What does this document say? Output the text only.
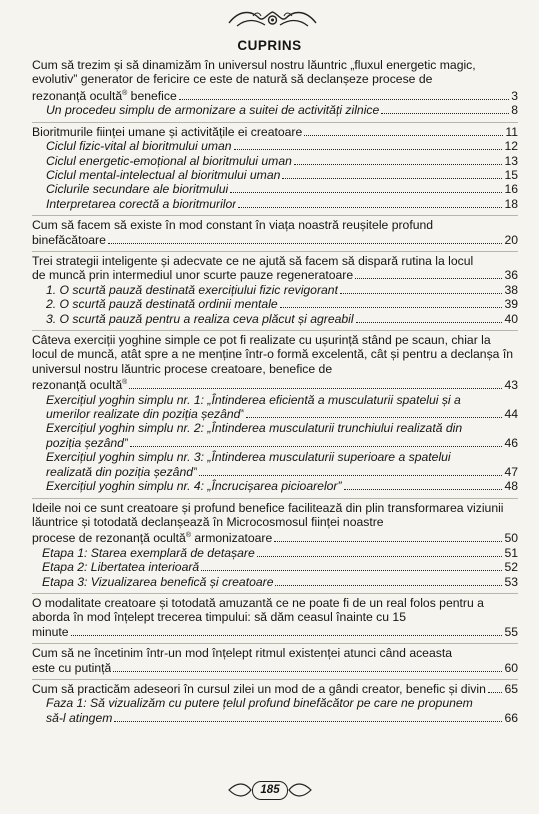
CUPRINS
Cum să trezim și să dinamizăm în universul nostru lăuntric „fluxul energetic magic, evolutiv” generator de fericire ce este de natură să declanșeze procese de
rezonanță ocultă® benefice	3
Un procedeu simplu de armonizare a suitei de activități zilnice	8
Bioritmurile ființei umane și activitățile ei creatoare	11
Ciclul fizic-vital al bioritmului uman	12
Ciclul energetic-emoțional al bioritmului uman	13
Ciclul mental-intelectual al bioritmului uman	15
Ciclurile secundare ale bioritmului	16
Interpretarea corectă a bioritmurilor	18
Cum să facem să existe în mod constant în viața noastră reușitele profund
binefăcătoare	20
Trei strategii inteligente și adecvate ce ne ajută să facem să dispară rutina la locul
de muncă prin intermediul unor scurte pauze regeneratoare	36
1. O scurtă pauză destinată exercițiului fizic revigorant	38
2. O scurtă pauză destinată ordinii mentale	39
3. O scurtă pauză pentru a realiza ceva plăcut și agreabil	40
Câteva exerciții yoghine simple ce pot fi realizate cu ușurință stând pe scaun, chiar la locul de muncă, atât spre a ne menține într-o formă excelentă, cât și pentru a declanșa în universul nostru lăuntric procese creatoare, benefice de
rezonanță ocultă®	43
Exercițiul yoghin simplu nr. 1: „Întinderea eficientă a musculaturii spatelui și a
umerilor realizate din poziția șezând”	44
Exercițiul yoghin simplu nr. 2: „Întinderea musculaturii trunchiului realizată din
poziția șezând”	46
Exercițiul yoghin simplu nr. 3: „Întinderea musculaturii superioare a spatelui
realizată din poziția șezând”	47
Exercițiul yoghin simplu nr. 4: „Încrucișarea picioarelor”	48
Ideile noi ce sunt creatoare și profund benefice facilitează din plin transformarea viziunii lăuntrice și totodată declanșează în Microcosmosul ființei noastre
procese de rezonanță ocultă® armonizatoare	50
Etapa 1: Starea exemplară de detașare	51
Etapa 2: Libertatea interioară	52
Etapa 3: Vizualizarea benefică și creatoare	53
O modalitate creatoare și totodată amuzantă ce ne poate fi de un real folos pentru a aborda în mod înțelept trecerea timpului: să dăm ceasul înainte cu 15
minute	55
Cum să ne încetinim într-un mod înțelept ritmul existenței atunci când aceasta
este cu putință	60
Cum să practicăm adeseori în cursul zilei un mod de a gândi creator, benefic și divin 65
Faza 1: Să vizualizăm cu putere țelul profund binefăcător pe care ne propunem
să-l atingem	66
185
